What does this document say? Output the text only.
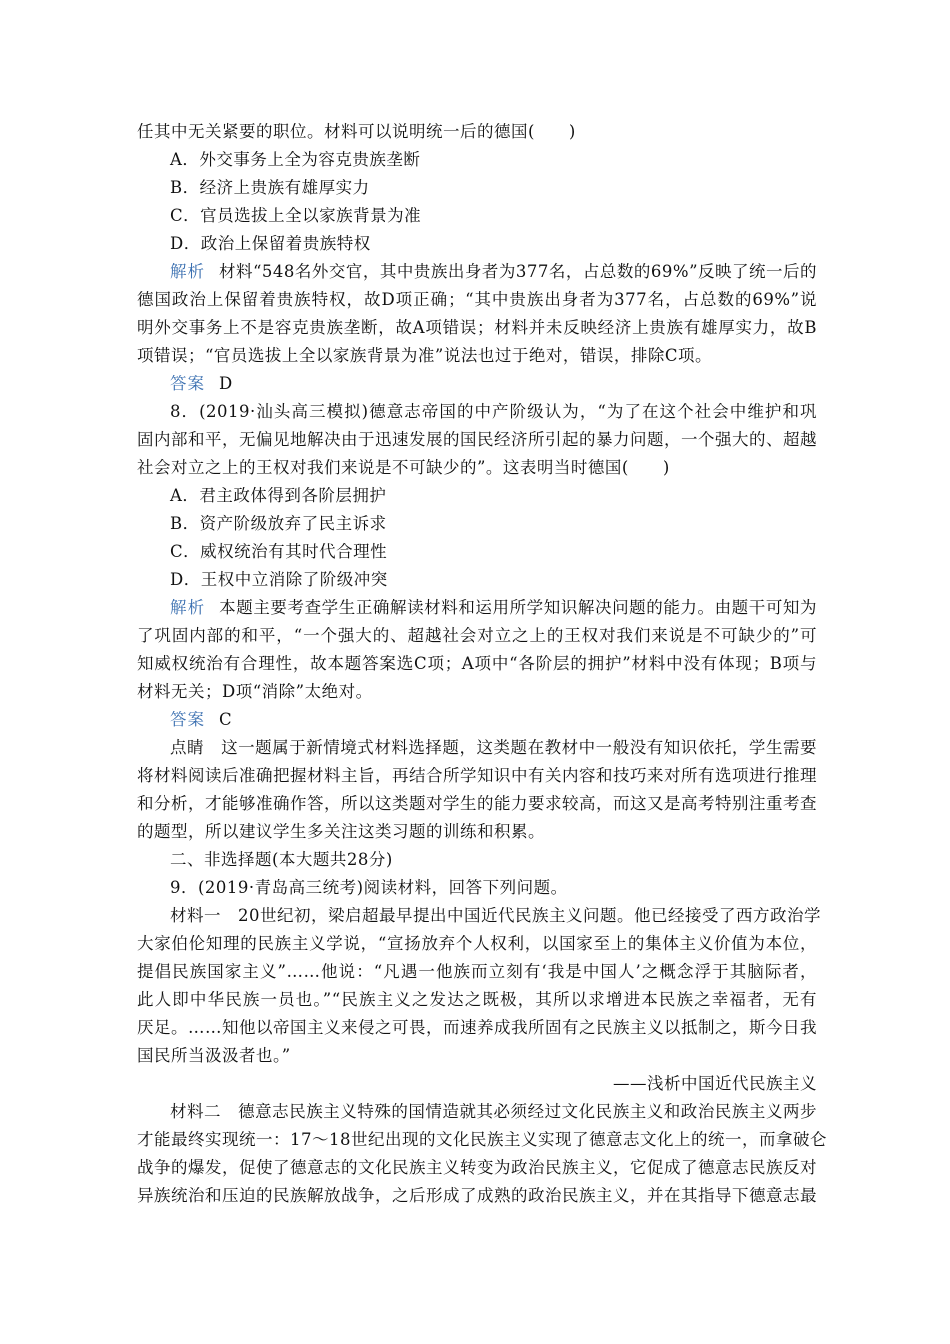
任其中无关紧要的职位。材料可以说明统一后的德国(　　)
A．外交事务上全为容克贵族垄断
B．经济上贵族有雄厚实力
C．官员选拔上全以家族背景为准
D．政治上保留着贵族特权
解析 材料“548名外交官，其中贵族出身者为377名，占总数的69%”反映了统一后的
德国政治上保留着贵族特权，故D项正确；“其中贵族出身者为377名，占总数的69%”说
明外交事务上不是容克贵族垄断，故A项错误；材料并未反映经济上贵族有雄厚实力，故B
项错误；“官员选拔上全以家族背景为准”说法也过于绝对，错误，排除C项。
答案 D
8．(2019·汕头高三模拟)德意志帝国的中产阶级认为，“为了在这个社会中维护和巩
固内部和平，无偏见地解决由于迅速发展的国民经济所引起的暴力问题，一个强大的、超越
社会对立之上的王权对我们来说是不可缺少的”。这表明当时德国(　　)
A．君主政体得到各阶层拥护
B．资产阶级放弃了民主诉求
C．威权统治有其时代合理性
D．王权中立消除了阶级冲突
解析 本题主要考查学生正确解读材料和运用所学知识解决问题的能力。由题干可知为
了巩固内部的和平，“一个强大的、超越社会对立之上的王权对我们来说是不可缺少的”可
知威权统治有合理性，故本题答案选C项；A项中“各阶层的拥护”材料中没有体现；B项与
材料无关；D项“消除”太绝对。
答案 C
点睛　这一题属于新情境式材料选择题，这类题在教材中一般没有知识依托，学生需要
将材料阅读后准确把握材料主旨，再结合所学知识中有关内容和技巧来对所有选项进行推理
和分析，才能够准确作答，所以这类题对学生的能力要求较高，而这又是高考特别注重考查
的题型，所以建议学生多关注这类习题的训练和积累。
二、非选择题(本大题共28分)
9．(2019·青岛高三统考)阅读材料，回答下列问题。
材料一　20世纪初，梁启超最早提出中国近代民族主义问题。他已经接受了西方政治学
大家伯伦知理的民族主义学说，“宣扬放弃个人权利，以国家至上的集体主义价值为本位，
提倡民族国家主义”……他说：“凡遇一他族而立刻有‘我是中国人’之概念浮于其脑际者，
此人即中华民族一员也。”“民族主义之发达之既极，其所以求增进本民族之幸福者，无有
厌足。……知他以帝国主义来侵之可畏，而速养成我所固有之民族主义以抵制之，斯今日我
国民所当汲汲者也。”
——浅析中国近代民族主义
材料二　德意志民族主义特殊的国情造就其必须经过文化民族主义和政治民族主义两步
才能最终实现统一：17～18世纪出现的文化民族主义实现了德意志文化上的统一，而拿破仑
战争的爆发，促使了德意志的文化民族主义转变为政治民族主义，它促成了德意志民族反对
异族统治和压迫的民族解放战争，之后形成了成熟的政治民族主义，并在其指导下德意志最
